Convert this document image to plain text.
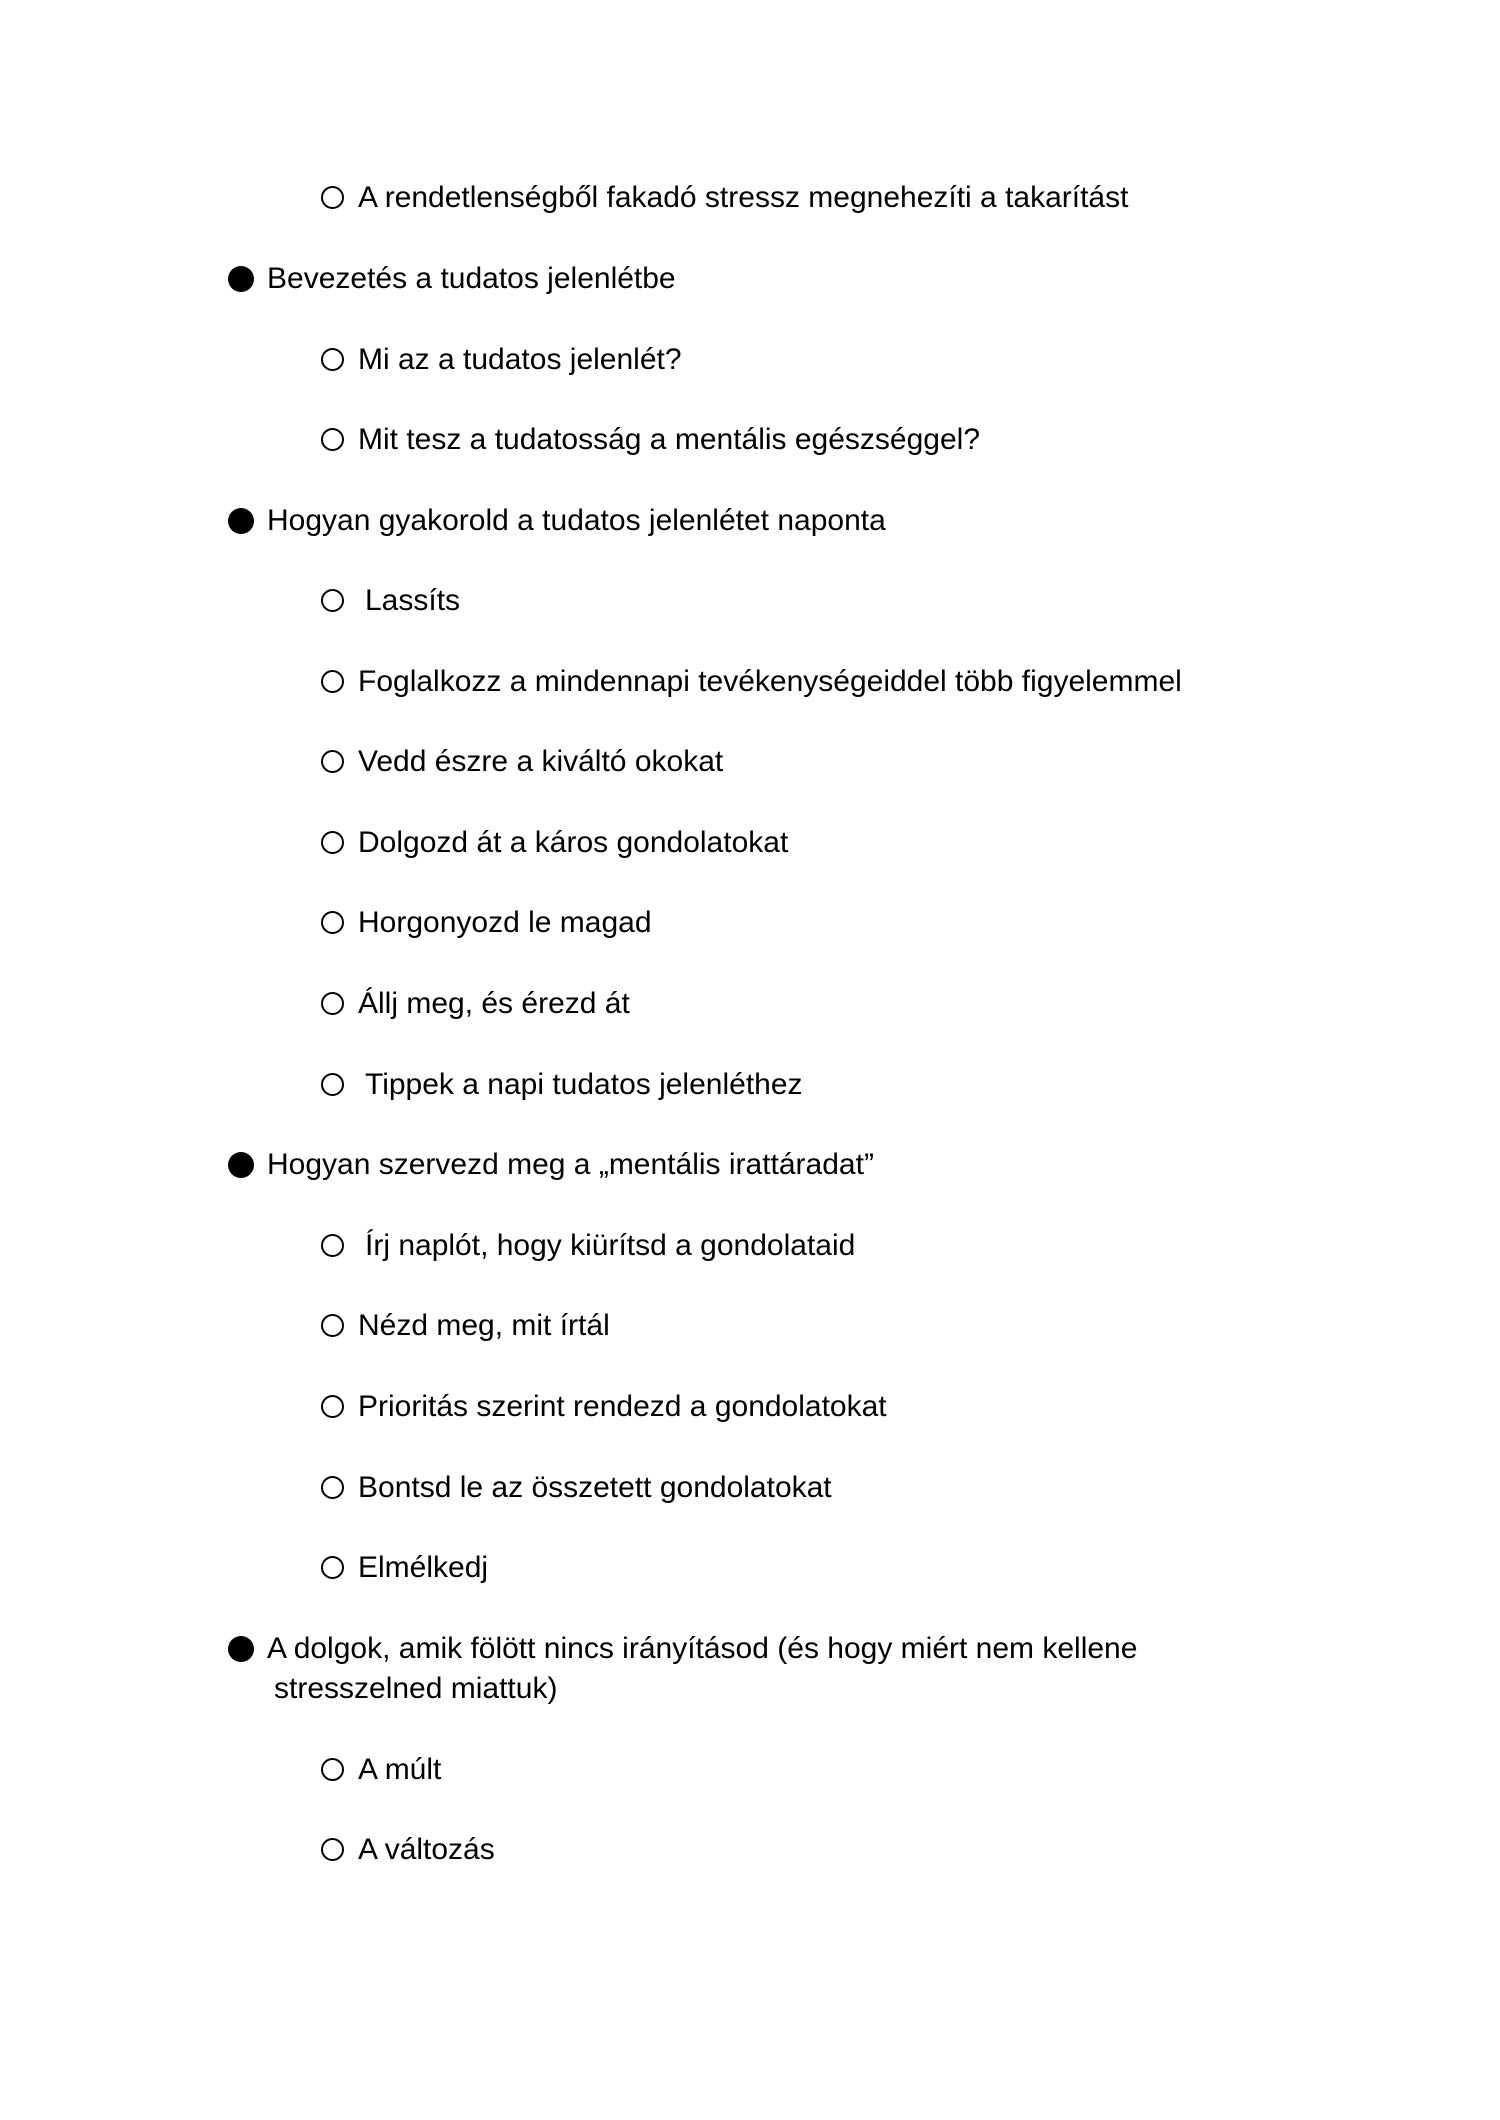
A rendetlenségből fakadó stressz megnehezíti a takarítást
Bevezetés a tudatos jelenlétbe
Mi az a tudatos jelenlét?
Mit tesz a tudatosság a mentális egészséggel?
Hogyan gyakorold a tudatos jelenlétet naponta
Lassíts
Foglalkozz a mindennapi tevékenységeiddel több figyelemmel
Vedd észre a kiváltó okokat
Dolgozd át a káros gondolatokat
Horgonyozd le magad
Állj meg, és érezd át
Tippek a napi tudatos jelenléthez
Hogyan szervezd meg a „mentális irattáradat”
Írj naplót, hogy kiürítsd a gondolataid
Nézd meg, mit írtál
Prioritás szerint rendezd a gondolatokat
Bontsd le az összetett gondolatokat
Elmélkedj
A dolgok, amik fölött nincs irányításod (és hogy miért nem kellene
stresszelned miattuk)
A múlt
A változás
